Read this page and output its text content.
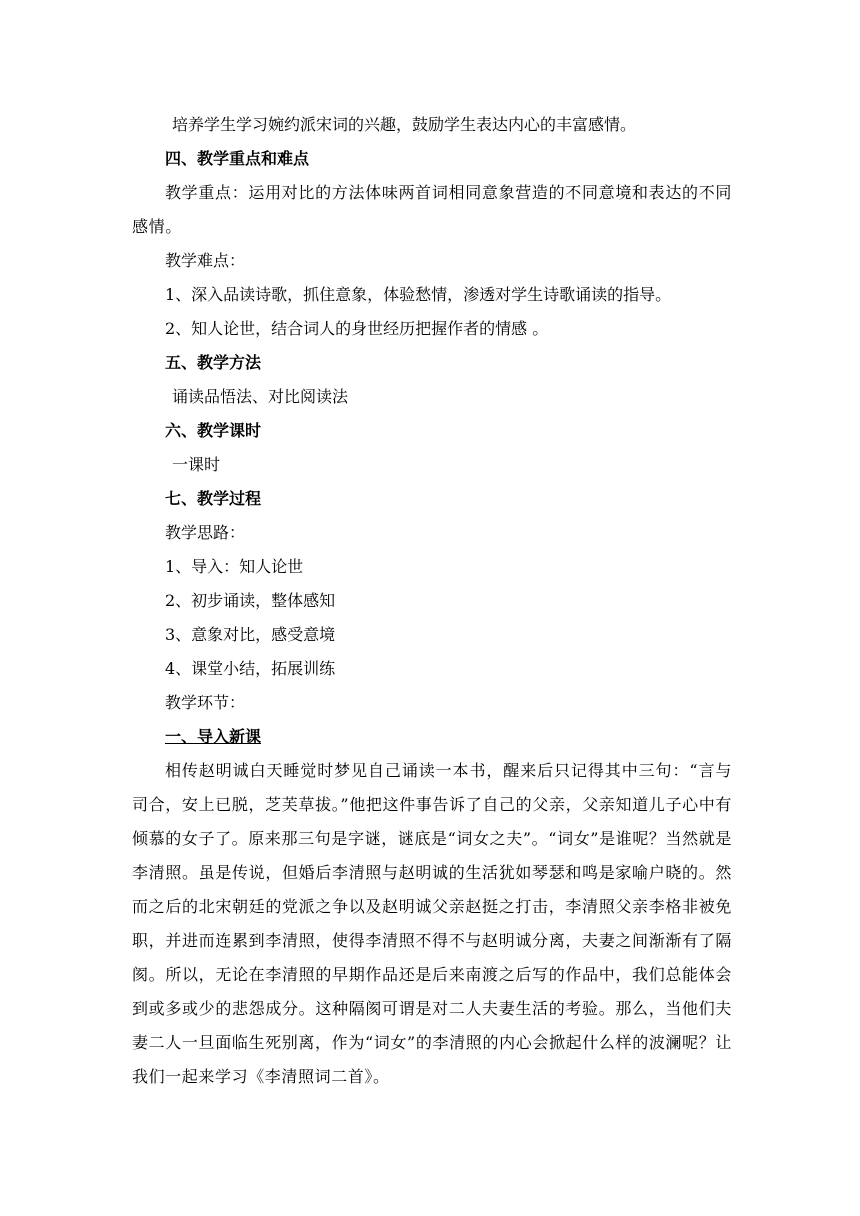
培养学生学习婉约派宋词的兴趣，鼓励学生表达内心的丰富感情。

四、教学重点和难点

教学重点：运用对比的方法体味两首词相同意象营造的不同意境和表达的不同感情。

教学难点：

1、深入品读诗歌，抓住意象，体验愁情，渗透对学生诗歌诵读的指导。

2、知人论世，结合词人的身世经历把握作者的情感 。

五、教学方法

诵读品悟法、对比阅读法

六、教学课时

一课时

七、教学过程

教学思路：

1、导入：知人论世

2、初步诵读，整体感知

3、意象对比，感受意境

4、课堂小结，拓展训练

教学环节：

一、导入新课

相传赵明诚白天睡觉时梦见自己诵读一本书，醒来后只记得其中三句：“言与司合，安上已脱，芝芙草拔。”他把这件事告诉了自己的父亲，父亲知道儿子心中有倾慕的女子了。原来那三句是字谜，谜底是“词女之夫”。“词女”是谁呢？当然就是李清照。虽是传说，但婚后李清照与赵明诚的生活犹如琴瑟和鸣是家喻户晓的。然而之后的北宋朝廷的党派之争以及赵明诚父亲赵挺之打击，李清照父亲李格非被免职，并进而连累到李清照，使得李清照不得不与赵明诚分离，夫妻之间渐渐有了隔阂。所以，无论在李清照的早期作品还是后来南渡之后写的作品中，我们总能体会到或多或少的悲怨成分。这种隔阂可谓是对二人夫妻生活的考验。那么，当他们夫妻二人一旦面临生死别离，作为“词女”的李清照的内心会掀起什么样的波澜呢？让我们一起来学习《李清照词二首》。
